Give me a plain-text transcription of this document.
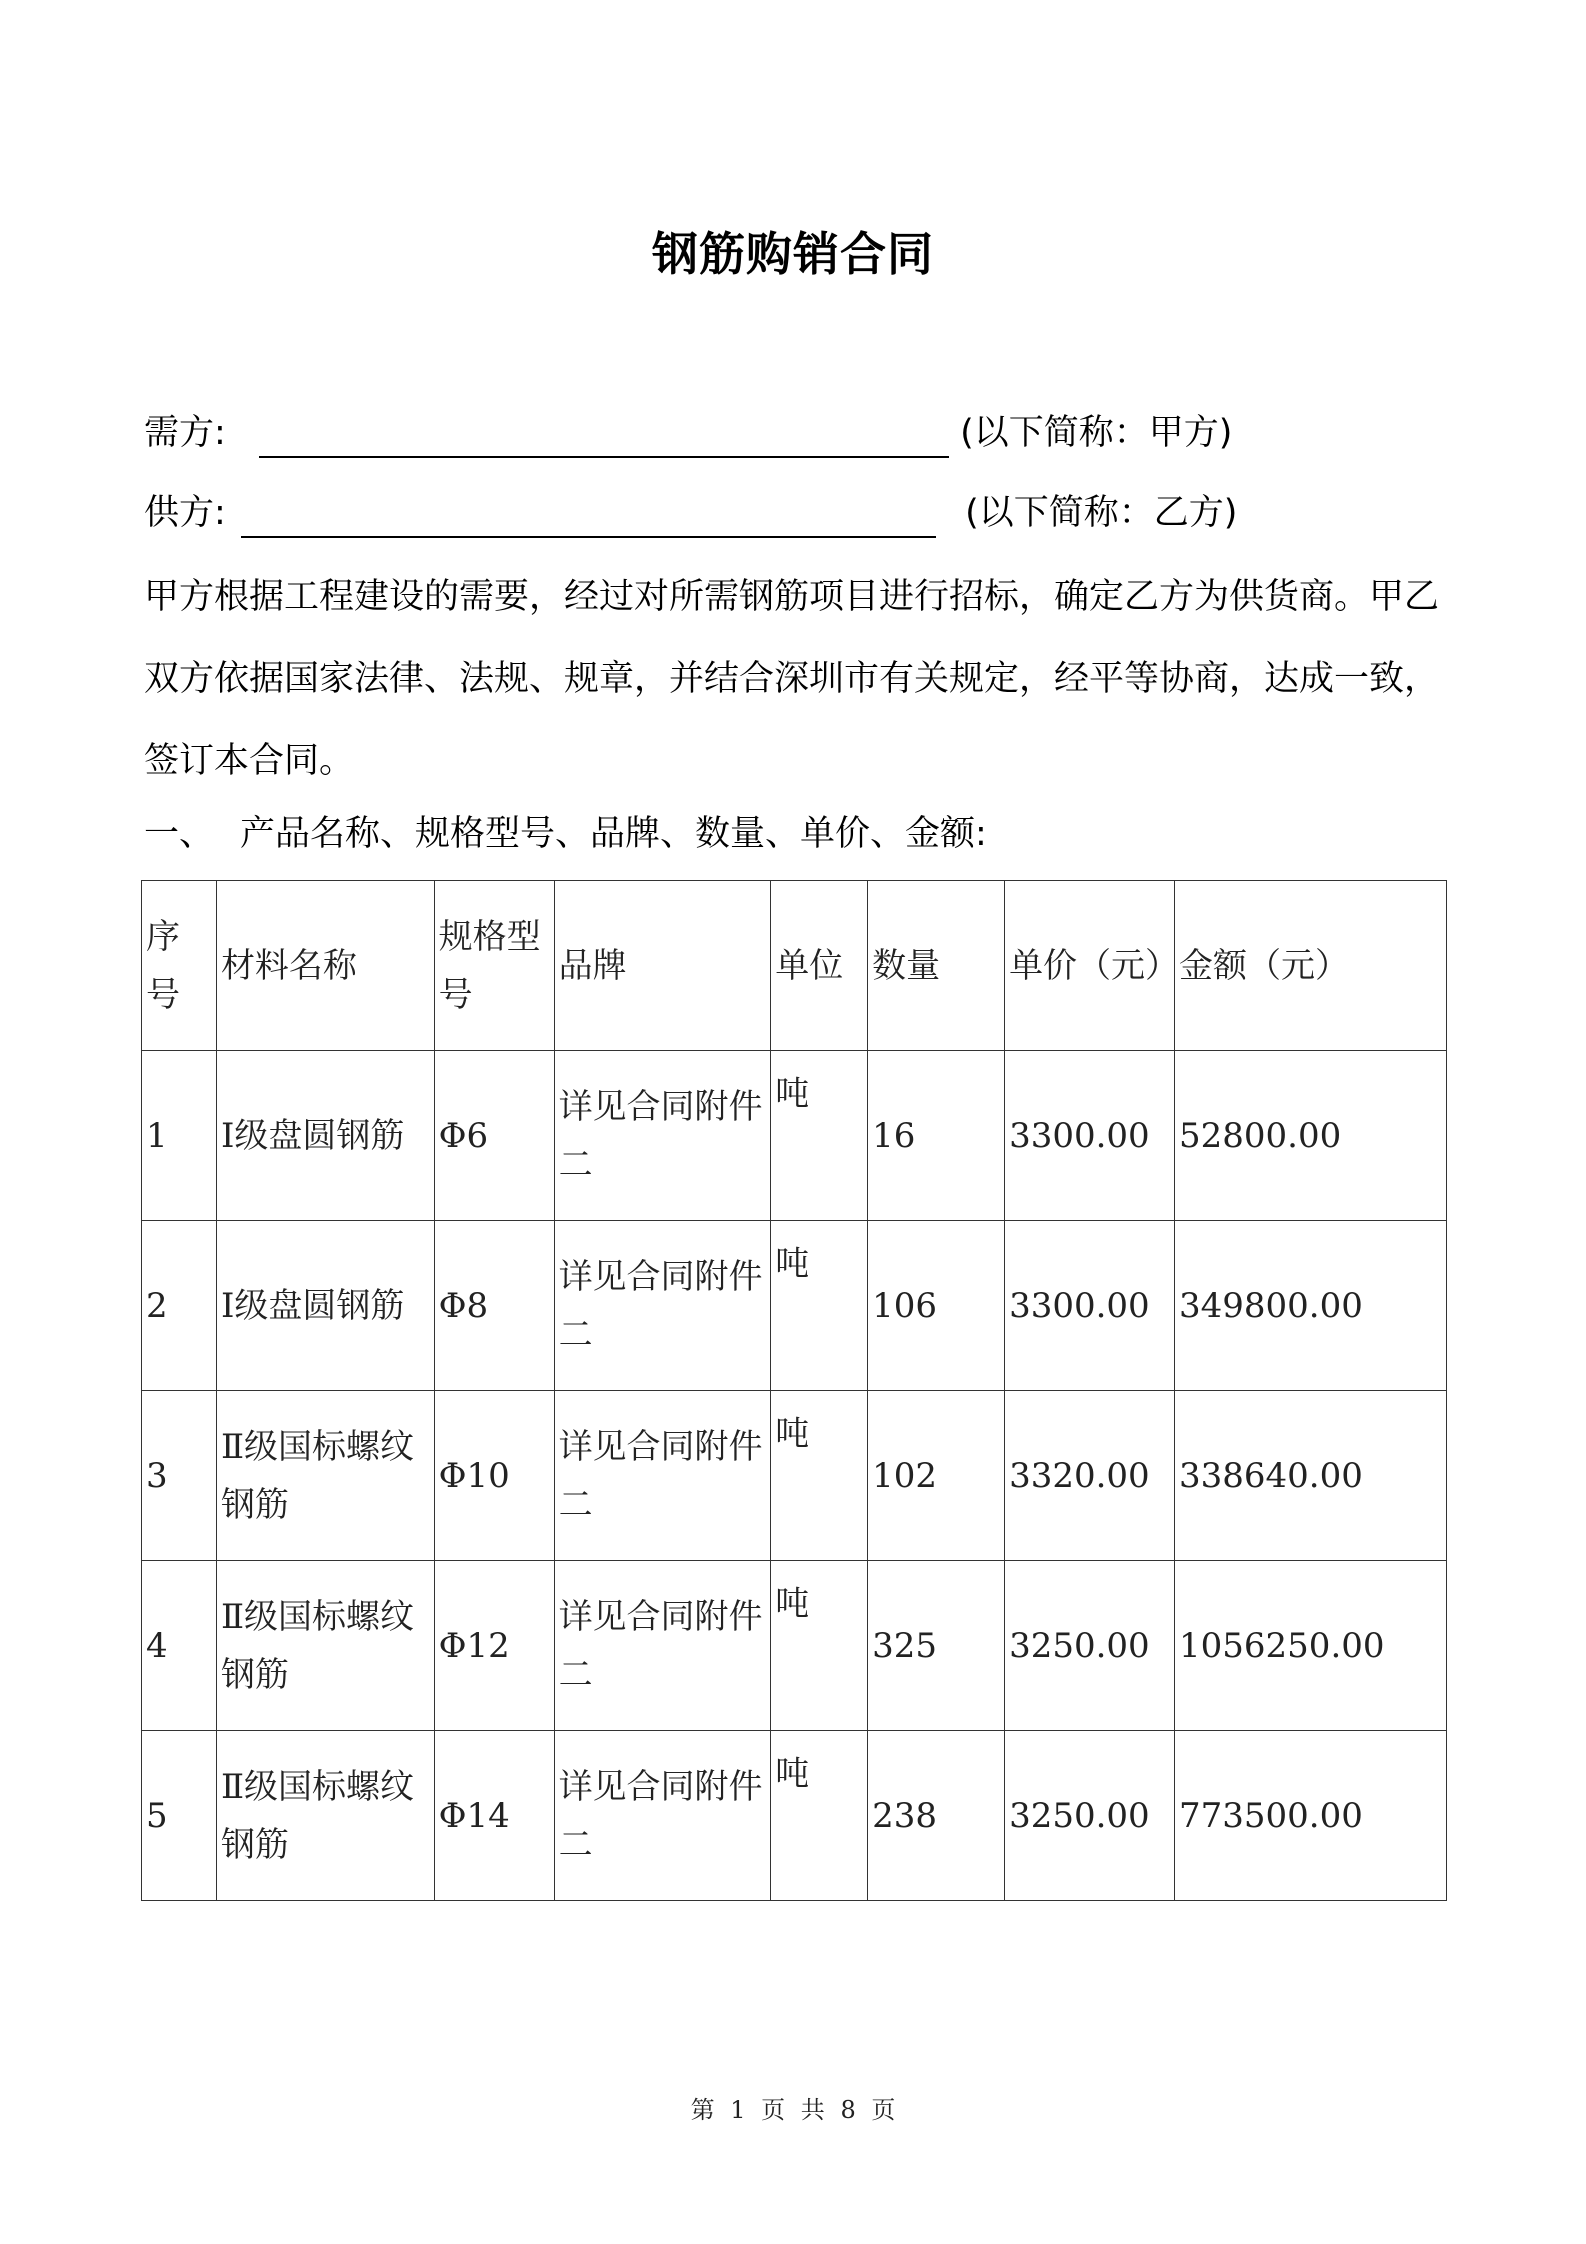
钢筋购销合同
需方:	(以下简称：甲方)
供方:	(以下简称：乙方)
甲方根据工程建设的需要，经过对所需钢筋项目进行招标，确定乙方为供货商。甲乙双方依据国家法律、法规、规章，并结合深圳市有关规定，经平等协商，达成一致，签订本合同。
一、 产品名称、规格型号、品牌、数量、单价、金额:
序号	材料名称	规格型号	品牌	单位	数量	单价（元）	金额（元）
1	Ⅰ级盘圆钢筋	Φ6	详见合同附件二	吨	16	3300.00	52800.00
2	Ⅰ级盘圆钢筋	Φ8	详见合同附件二	吨	106	3300.00	349800.00
3	Ⅱ级国标螺纹钢筋	Φ10	详见合同附件二	吨	102	3320.00	338640.00
4	Ⅱ级国标螺纹钢筋	Φ12	详见合同附件二	吨	325	3250.00	1056250.00
5	Ⅱ级国标螺纹钢筋	Φ14	详见合同附件二	吨	238	3250.00	773500.00
第 1 页 共 8 页
